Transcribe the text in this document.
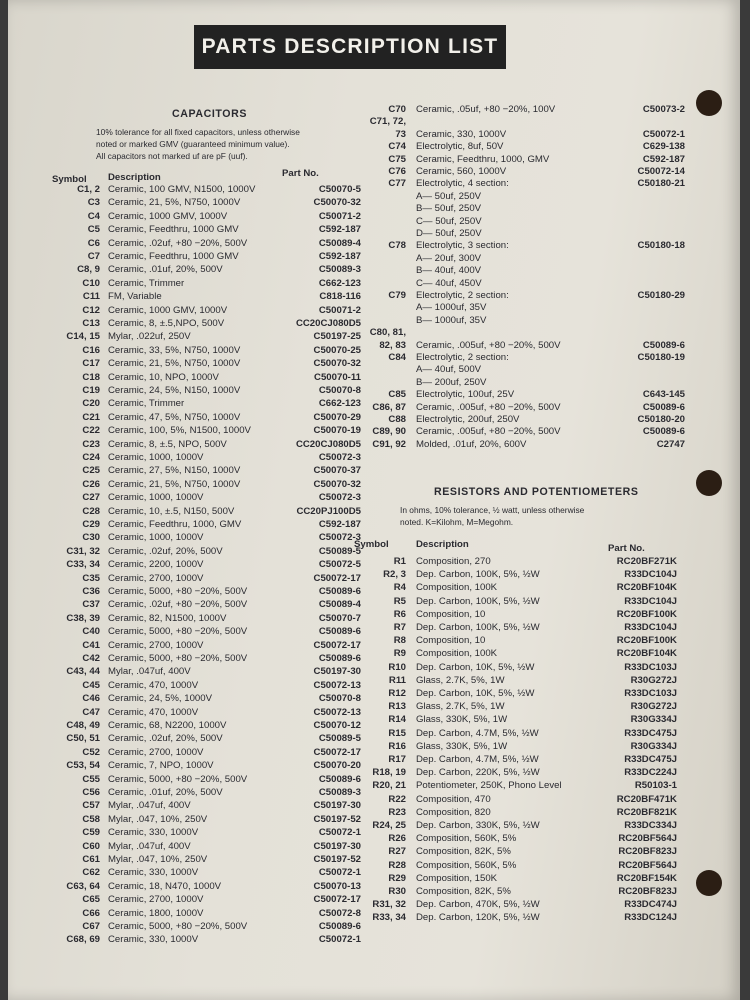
PARTS DESCRIPTION LIST
CAPACITORS
10% tolerance for all fixed capacitors, unless otherwise
noted or marked GMV (guaranteed minimum value).
All capacitors not marked uf are pF (uuf).
Symbol Description	Part No.
C1, 2 Ceramic, 100 GMV, N1500, 1000V	C50070-5
C3 Ceramic, 21, 5%, N750, 1000V	C50070-32
C4 Ceramic, 1000 GMV, 1000V	C50071-2
C5 Ceramic, Feedthru, 1000 GMV	C592-187
C6 Ceramic, .02uf, +80 −20%, 500V	C50089-4
C7 Ceramic, Feedthru, 1000 GMV	C592-187
C8, 9 Ceramic, .01uf, 20%, 500V	C50089-3
C10 Ceramic, Trimmer	C662-123
C11 FM, Variable	C818-116
C12 Ceramic, 1000 GMV, 1000V	C50071-2
C13 Ceramic, 8, ±.5,NPO, 500V	CC20CJ080D5
C14, 15 Mylar, .022uf, 250V	C50197-25
C16 Ceramic, 33, 5%, N750, 1000V	C50070-25
C17 Ceramic, 21, 5%, N750, 1000V	C50070-32
C18 Ceramic, 10, NPO, 1000V	C50070-11
C19 Ceramic, 24, 5%, N150, 1000V	C50070-8
C20 Ceramic, Trimmer	C662-123
C21 Ceramic, 47, 5%, N750, 1000V	C50070-29
C22 Ceramic, 100, 5%, N1500, 1000V	C50070-19
C23 Ceramic, 8, ±.5, NPO, 500V	CC20CJ080D5
C24 Ceramic, 1000, 1000V	C50072-3
C25 Ceramic, 27, 5%, N150, 1000V	C50070-37
C26 Ceramic, 21, 5%, N750, 1000V	C50070-32
C27 Ceramic, 1000, 1000V	C50072-3
C28 Ceramic, 10, ±.5, N150, 500V	CC20PJ100D5
C29 Ceramic, Feedthru, 1000, GMV	C592-187
C30 Ceramic, 1000, 1000V	C50072-3
C31, 32 Ceramic, .02uf, 20%, 500V	C50089-5
C33, 34 Ceramic, 2200, 1000V	C50072-5
C35 Ceramic, 2700, 1000V	C50072-17
C36 Ceramic, 5000, +80 −20%, 500V	C50089-6
C37 Ceramic, .02uf, +80 −20%, 500V	C50089-4
C38, 39 Ceramic, 82, N1500, 1000V	C50070-7
C40 Ceramic, 5000, +80 −20%, 500V	C50089-6
C41 Ceramic, 2700, 1000V	C50072-17
C42 Ceramic, 5000, +80 −20%, 500V	C50089-6
C43, 44 Mylar, .047uf, 400V	C50197-30
C45 Ceramic, 470, 1000V	C50072-13
C46 Ceramic, 24, 5%, 1000V	C50070-8
C47 Ceramic, 470, 1000V	C50072-13
C48, 49 Ceramic, 68, N2200, 1000V	C50070-12
C50, 51 Ceramic, .02uf, 20%, 500V	C50089-5
C52 Ceramic, 2700, 1000V	C50072-17
C53, 54 Ceramic, 7, NPO, 1000V	C50070-20
C55 Ceramic, 5000, +80 −20%, 500V	C50089-6
C56 Ceramic, .01uf, 20%, 500V	C50089-3
C57 Mylar, .047uf, 400V	C50197-30
C58 Mylar, .047, 10%, 250V	C50197-52
C59 Ceramic, 330, 1000V	C50072-1
C60 Mylar, .047uf, 400V	C50197-30
C61 Mylar, .047, 10%, 250V	C50197-52
C62 Ceramic, 330, 1000V	C50072-1
C63, 64 Ceramic, 18, N470, 1000V	C50070-13
C65 Ceramic, 2700, 1000V	C50072-17
C66 Ceramic, 1800, 1000V	C50072-8
C67 Ceramic, 5000, +80 −20%, 500V	C50089-6
C68, 69 Ceramic, 330, 1000V	C50072-1
C70 Ceramic, .05uf, +80 −20%, 100V	C50073-2
C71, 72,
73 Ceramic, 330, 1000V	C50072-1
C74 Electrolytic, 8uf, 50V	C629-138
C75 Ceramic, Feedthru, 1000, GMV	C592-187
C76 Ceramic, 560, 1000V	C50072-14
C77 Electrolytic, 4 section:	C50180-21
A— 50uf, 250V
B— 50uf, 250V
C— 50uf, 250V
D— 50uf, 250V
C78 Electrolytic, 3 section:	C50180-18
A— 20uf, 300V
B— 40uf, 400V
C— 40uf, 450V
C79 Electrolytic, 2 section:	C50180-29
A— 1000uf, 35V
B— 1000uf, 35V
C80, 81,
82, 83 Ceramic, .005uf, +80 −20%, 500V	C50089-6
C84 Electrolytic, 2 section:	C50180-19
A— 40uf, 500V
B— 200uf, 250V
C85 Electrolytic, 100uf, 25V	C643-145
C86, 87 Ceramic, .005uf, +80 −20%, 500V	C50089-6
C88 Electrolytic, 200uf, 250V	C50180-20
C89, 90 Ceramic, .005uf, +80 −20%, 500V	C50089-6
C91, 92 Molded, .01uf, 20%, 600V	C2747
RESISTORS AND POTENTIOMETERS
In ohms, 10% tolerance, ½ watt, unless otherwise
noted. K=Kilohm, M=Megohm.
Symbol	Description	Part No.
R1 Composition, 270	RC20BF271K
R2, 3 Dep. Carbon, 100K, 5%, ½W	R33DC104J
R4 Composition, 100K	RC20BF104K
R5 Dep. Carbon, 100K, 5%, ½W	R33DC104J
R6 Composition, 10	RC20BF100K
R7 Dep. Carbon, 100K, 5%, ½W	R33DC104J
R8 Composition, 10	RC20BF100K
R9 Composition, 100K	RC20BF104K
R10 Dep. Carbon, 10K, 5%, ½W	R33DC103J
R11 Glass, 2.7K, 5%, 1W	R30G272J
R12 Dep. Carbon, 10K, 5%, ½W	R33DC103J
R13 Glass, 2.7K, 5%, 1W	R30G272J
R14 Glass, 330K, 5%, 1W	R30G334J
R15 Dep. Carbon, 4.7M, 5%, ½W	R33DC475J
R16 Glass, 330K, 5%, 1W	R30G334J
R17 Dep. Carbon, 4.7M, 5%, ½W	R33DC475J
R18, 19 Dep. Carbon, 220K, 5%, ½W	R33DC224J
R20, 21 Potentiometer, 250K, Phono Level	R50103-1
R22 Composition, 470	RC20BF471K
R23 Composition, 820	RC20BF821K
R24, 25 Dep. Carbon, 330K, 5%, ½W	R33DC334J
R26 Composition, 560K, 5%	RC20BF564J
R27 Composition, 82K, 5%	RC20BF823J
R28 Composition, 560K, 5%	RC20BF564J
R29 Composition, 150K	RC20BF154K
R30 Composition, 82K, 5%	RC20BF823J
R31, 32 Dep. Carbon, 470K, 5%, ½W	R33DC474J
R33, 34 Dep. Carbon, 120K, 5%, ½W	R33DC124J
